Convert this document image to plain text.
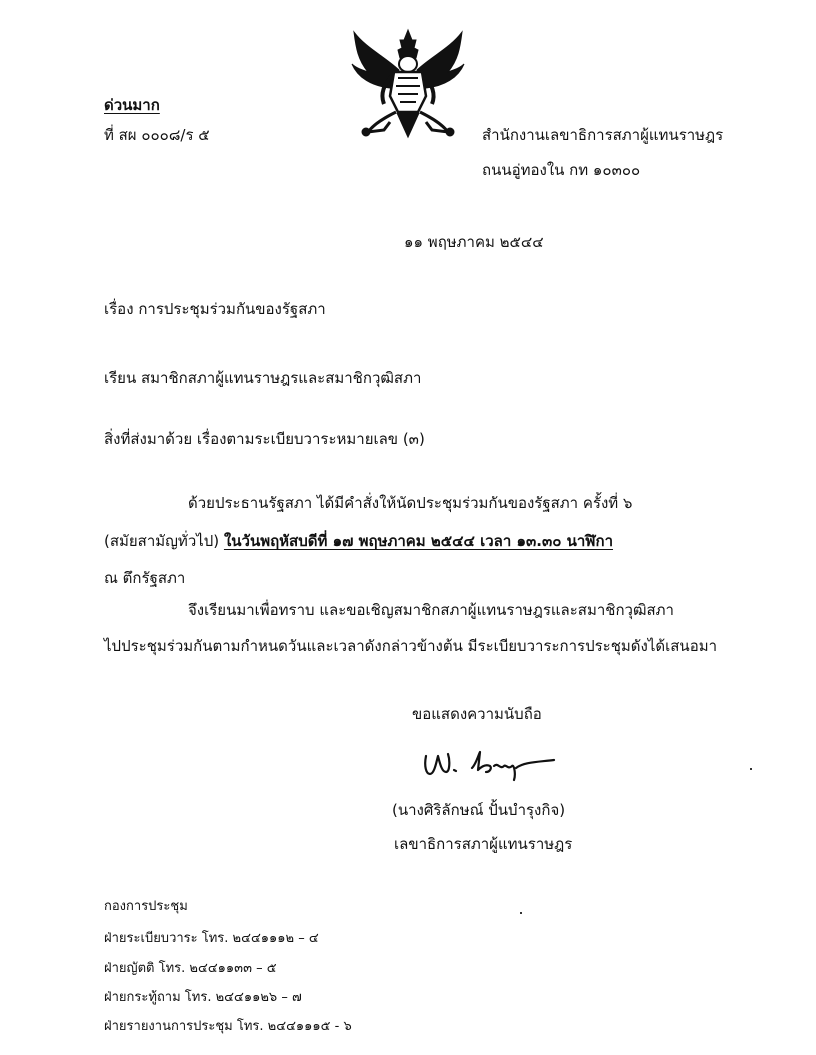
ด่วนมาก
ที่ สผ ๐๐๐๘/ร ๕	สำนักงานเลขาธิการสภาผู้แทนราษฎร
ถนนอู่ทองใน กท ๑๐๓๐๐
๑๑ พฤษภาคม ๒๕๔๔
เรื่อง การประชุมร่วมกันของรัฐสภา
เรียน สมาชิกสภาผู้แทนราษฎรและสมาชิกวุฒิสภา
สิ่งที่ส่งมาด้วย เรื่องตามระเบียบวาระหมายเลข (๓)
ด้วยประธานรัฐสภา ได้มีคำสั่งให้นัดประชุมร่วมกันของรัฐสภา ครั้งที่ ๖
(สมัยสามัญทั่วไป) ในวันพฤหัสบดีที่ ๑๗ พฤษภาคม ๒๕๔๔ เวลา ๑๓.๓๐ นาฬิกา
ณ ตึกรัฐสภา
จึงเรียนมาเพื่อทราบ และขอเชิญสมาชิกสภาผู้แทนราษฎรและสมาชิกวุฒิสภา
ไปประชุมร่วมกันตามกำหนดวันและเวลาดังกล่าวข้างต้น มีระเบียบวาระการประชุมดังได้เสนอมา
ขอแสดงความนับถือ
(นางศิริลักษณ์ ปั้นบำรุงกิจ)
เลขาธิการสภาผู้แทนราษฎร
กองการประชุม
ฝ่ายระเบียบวาระ โทร. ๒๔๔๑๑๑๒ – ๔
ฝ่ายญัตติ โทร. ๒๔๔๑๑๓๓ – ๕
ฝ่ายกระทู้ถาม โทร. ๒๔๔๑๑๒๖ – ๗
ฝ่ายรายงานการประชุม โทร. ๒๔๔๑๑๑๕ - ๖
